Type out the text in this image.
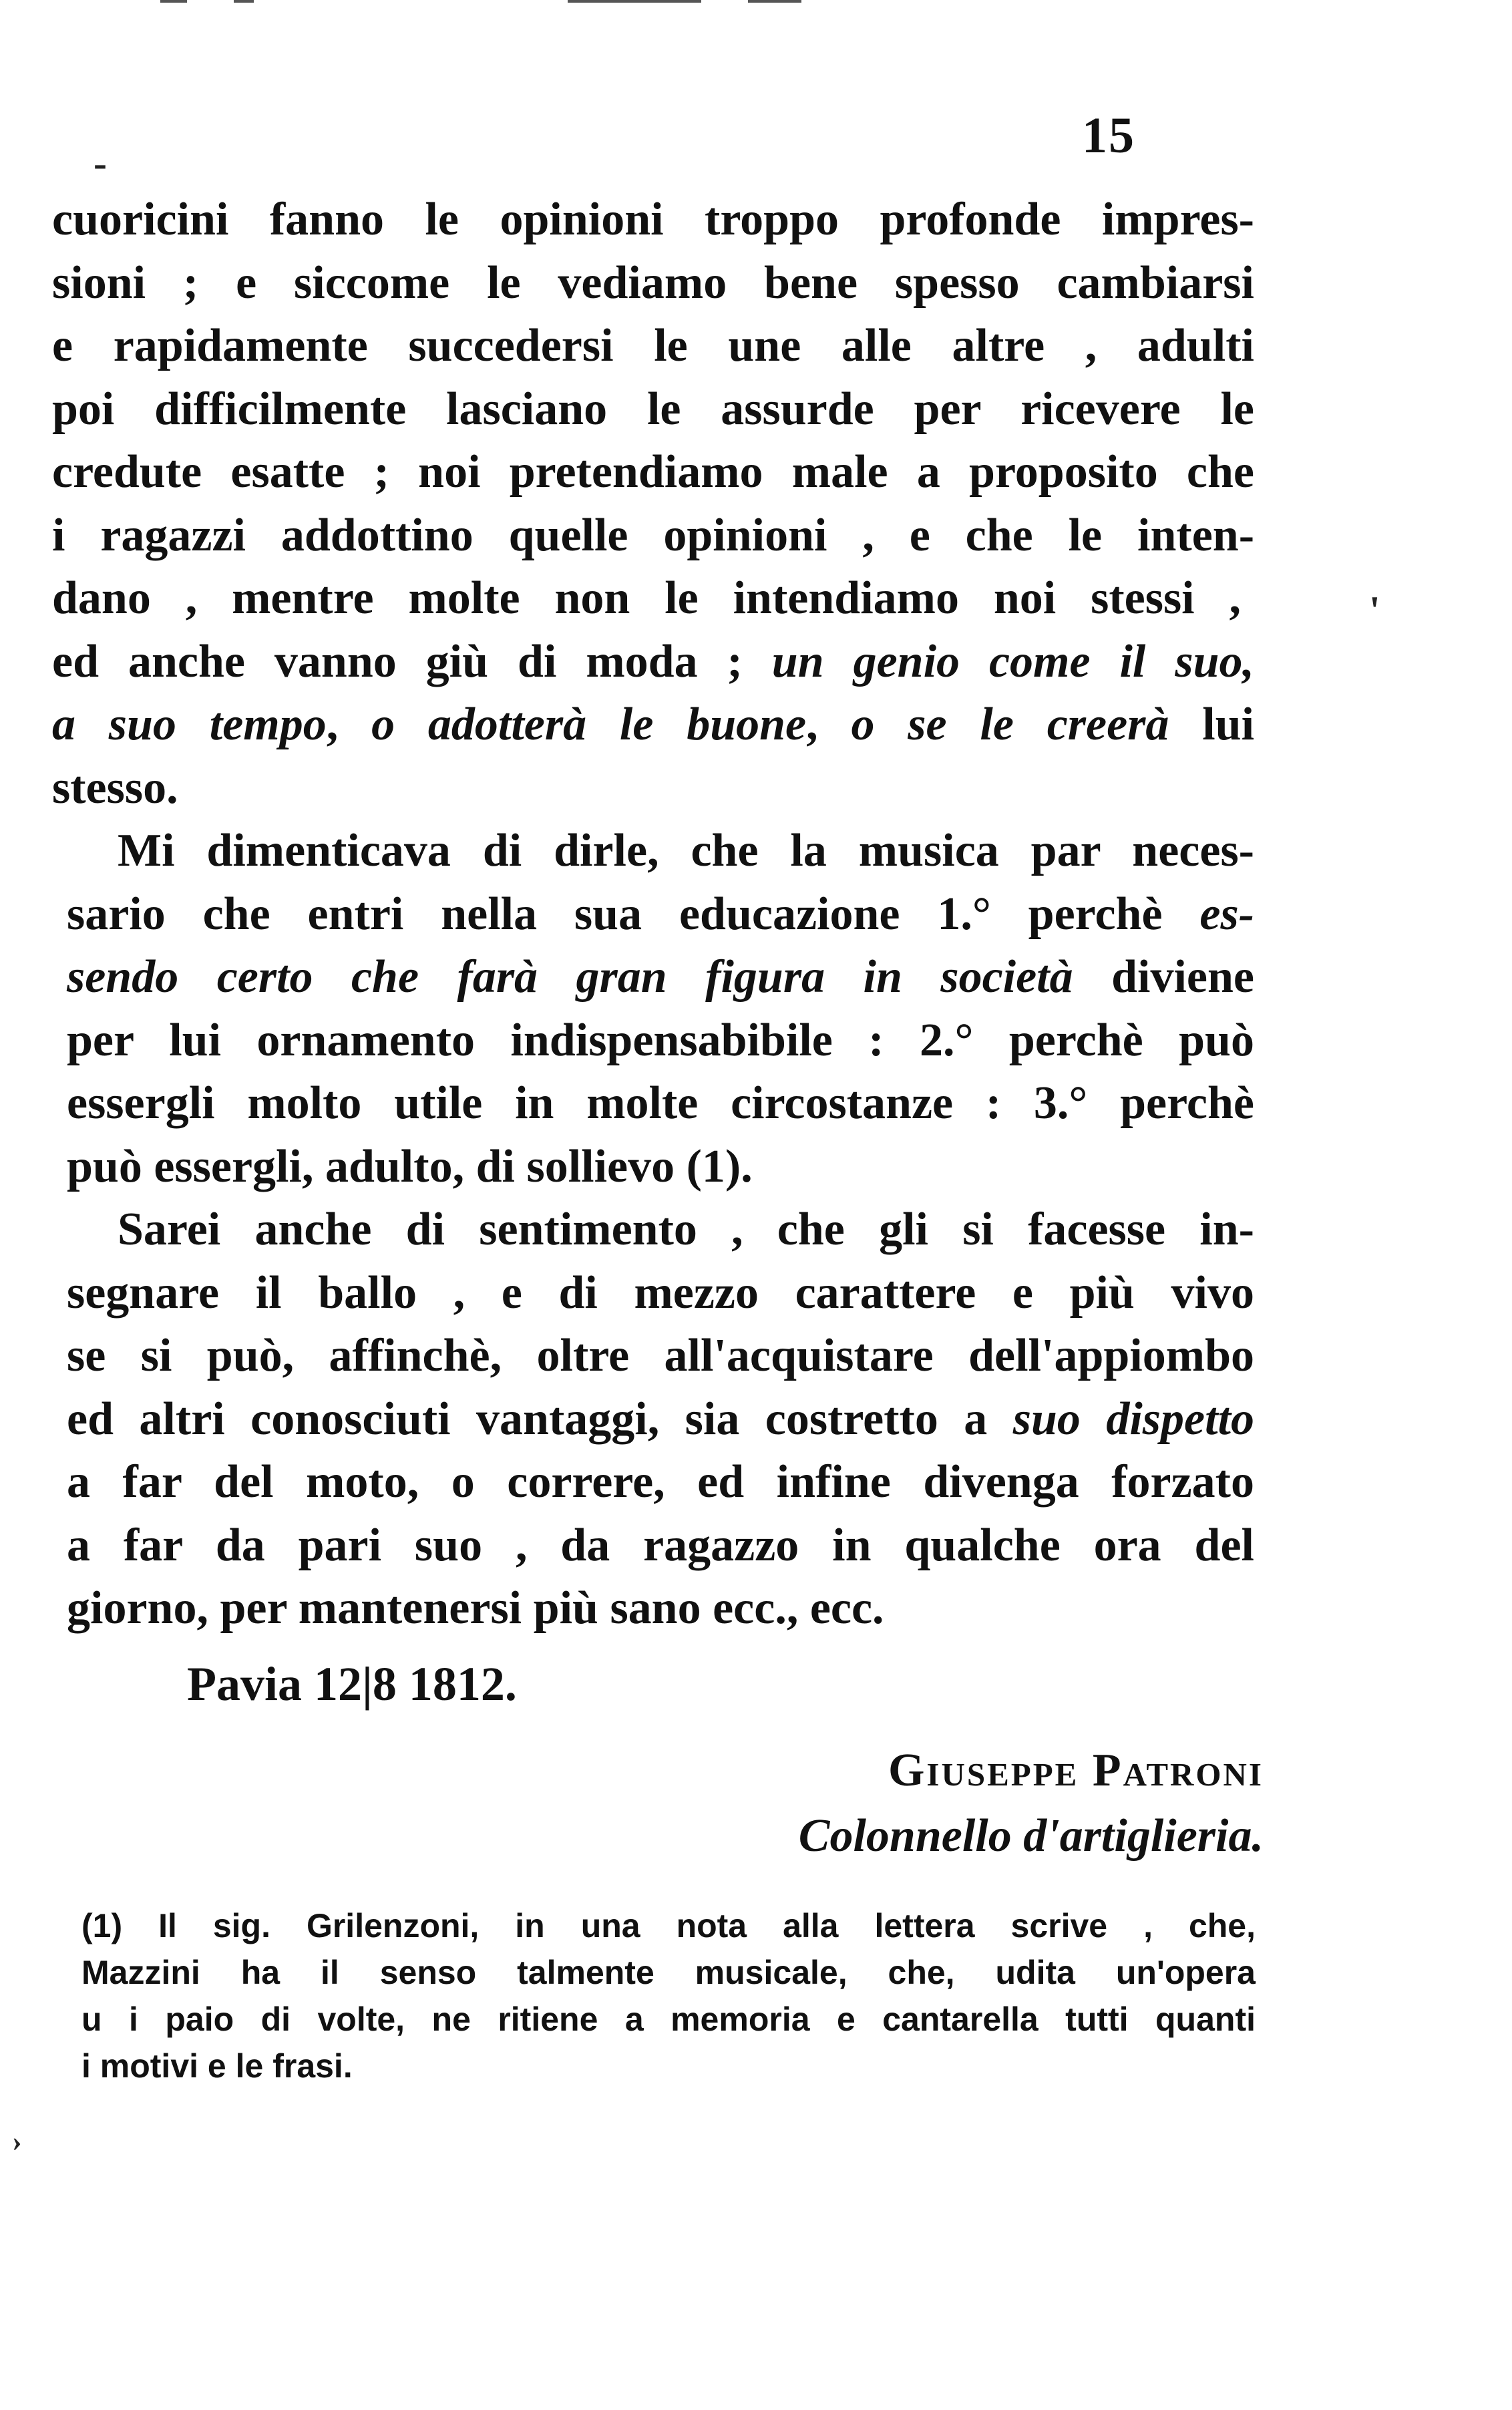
15
-
'
›
cuoricini fanno le opinioni troppo profonde impres-
sioni ; e siccome le vediamo bene spesso cambiarsi
e rapidamente succedersi le une alle altre , adulti
poi difficilmente lasciano le assurde per ricevere le
credute esatte ; noi pretendiamo male a proposito che
i ragazzi addottino quelle opinioni , e che le inten-
dano , mentre molte non le intendiamo noi stessi ,
ed anche vanno giù di moda ; un genio come il suo,
a suo tempo, o adotterà le buone, o se le creerà lui
stesso.
Mi dimenticava di dirle, che la musica par neces-
sario che entri nella sua educazione 1.° perchè es-
sendo certo che farà gran figura in società diviene
per lui ornamento indispensabibile : 2.° perchè può
essergli molto utile in molte circostanze : 3.° perchè
può essergli, adulto, di sollievo (1).
Sarei anche di sentimento , che gli si facesse in-
segnare il ballo , e di mezzo carattere e più vivo
se si può, affinchè, oltre all'acquistare dell'appiombo
ed altri conosciuti vantaggi, sia costretto a suo dispetto
a far del moto, o correre, ed infine divenga forzato
a far da pari suo , da ragazzo in qualche ora del
giorno, per mantenersi più sano ecc., ecc.
Pavia 12|8 1812.
Giuseppe Patroni
Colonnello d'artiglieria.
(1) Il sig. Grilenzoni, in una nota alla lettera scrive , che,
Mazzini ha il senso talmente musicale, che, udita un'opera
u i paio di volte, ne ritiene a memoria e cantarella tutti quanti
i motivi e le frasi.
